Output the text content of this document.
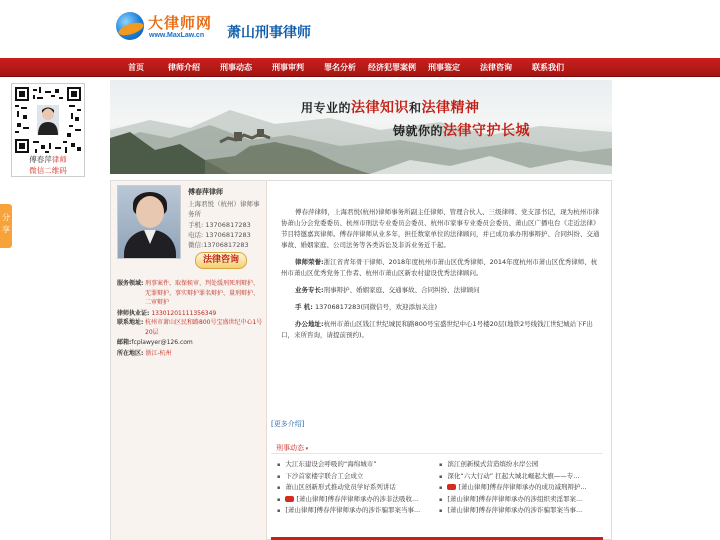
大律师网
www.MaxLaw.cn 萧山刑事律师
首页	律师介绍	刑事动态	刑事审判	罪名分析	经济犯罪案例	刑事鉴定	法律咨询	联系我们
傅春萍律师
微信二维码
分享
用专业的法律知识和法律精神
铸就你的法律守护长城
傅春萍律师
上海君悦（杭州）律师事务所
手机: 13706817283
电话: 13706817283
微信:13706817283
法律咨询
服务领域: 刑事案件、取保候审、判处缓刑死刑辩护、无罪辩护、事实辩护罪名辩护、量刑辩护、二审辩护
律师执业证: 13301201111356349
联系地址: 杭州市萧山区民和路800号宝盛世纪中心1号20层
邮箱:fcplawyer@126.com
所在地区: 浙江-杭州

傅春萍律师，上海君悦(杭州)律师事务所副主任律师、管理合伙人、三级律师、党支部书记，现为杭州市律协萧山分会党委委员、杭州市刑法专业委员会委员、杭州市家事专业委员会委员、萧山区广播电台《走近法律》节目特邀嘉宾律师。傅春萍律师从业多年，担任数家单位的法律顾问，并已成功承办刑事辩护、合同纠纷、交通事故、婚姻家庭、公司法务等各类诉讼及非诉业务近千起。

律师荣誉:浙江省青年骨干律师、2018年度杭州市萧山区优秀律师、2014年度杭州市萧山区优秀律师、杭州市萧山区优秀党务工作者、杭州市萧山区新农村建设优秀法律顾问。

业务专长:刑事辩护、婚姻家庭、交通事故、合同纠纷、法律顾问

手 机: 13706817283(同微信号，欢迎添加关注)

办公地址:杭州市萧山区钱江世纪城民和路800号宝盛世纪中心1号楼20层(地铁2号线钱江世纪城站下F出口，来所咨询，请提前预约)。

[更多介绍]
刑事动态 ▾
▪ 大江东建设会呼吸的“海绵城市”
▪ 下沙首家楼宇联合工会成立
▪ 萧山区创新形式推动党员学好系列讲话
▪ [萧山律师]傅春萍律师承办的涉非法吸收...
▪ [萧山律师]傅春萍律师承办的涉诈骗罪案当事...
▪ 滨江创新模式营造缤纷水岸公园
▪ 深化“六大行动” 扛起大城北崛起大旗——专...
▪ [萧山律师]傅春萍律师承办的成功减刑辩护...
▪ [萧山律师]傅春萍律师承办的涉组织卖淫罪案...
▪ [萧山律师]傅春萍律师承办的涉诈骗罪案当事...
